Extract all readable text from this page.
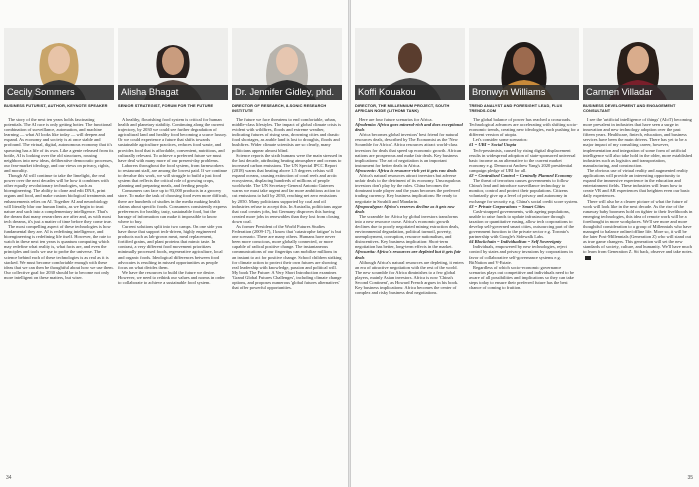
Cecily Sommers
BUSINESS FUTURIST, AUTHOR, KEYNOTE SPEAKER

The story of the next ten years holds fascinating potentials. The AI race is only getting hotter. The functional combination of surveillance, automation, and machine learning — what AI looks like today — will deepen and expand. As economy and society is at once stable and profound. The virtual, digital, autonomous economy that it's spawning has a life of its own. Like a genie released from its bottle, AI is looking over the old structures, rousing neighbors into new ideas, deliberative democratic processes, our fear-market ideology, and our views on privacy, rights, and morality.

Though AI will continue to take the limelight, the real power over the next decades will be how it combines with other equally revolutionary technologies, such as bioengineering. The ability to clone and edit DNA, print organs and food, and make custom biological treatments and enhancements relies on AI. Together AI and neurobiology will literally blur our human limits, as we begin to trust nature and such into a complementary intelligence. That's the dream that many researchers are after and, as with most tech dreams, it's just a matter of time before they come true.

The most compelling aspect of these technologies is how fundamental they are. AI is redefining intelligence, and bioengineering is redefining life itself. However, the rate to watch in these next ten years is quantum computing which may redefine what reality is, what facts are, and even the principles and tools we use to probe the universe. The science behind each of these technologies is as real as it is stacked. We must become comfortable enough with these ideas that we can then be thoughtful about how we use them. Our collective goal for 2030 should be to become not only more intelligent on these matters, but wiser.

Alisha Bhagat
SENIOR STRATEGIST, FORUM FOR THE FUTURE

A healthy, flourishing food system is critical for human health and planetary stability. Continuing along the current trajectory, by 2030 we could see further degradation of agricultural land and healthy food becoming a scarce luxury. Or we could experience a future that shifts towards sustainable agriculture practices, reduces food waste, and provides food that is affordable, convenient, nutritious, and culturally relevant. To achieve a preferred future we must have deal with many more of our present-day problems.

Laborers throughout the food system, from farmworkers to restaurant staff, are among the lowest paid. If we continue to devalue this work, we will struggle to build a just food system that reflects the critical role of growing crops, planning and preparing meals, and feeding people.

Consumers can face up to 93,000 products in a grocery store. To make the task of choosing food even more difficult, there are hundreds of studies in the media making health claims about specific foods. Consumers consistently express preferences for healthy, tasty, sustainable food, but the barrage of information can make it impossible to know where to buy.

Current solutions split into two camps. On one side you have those that support tech-driven, highly engineered products such as lab-grown meat, meal replacement, fortified grains, and plant proteins that mimic taste. In contrast, a very different food movement prioritizes minimally processed foods, regenerative agriculture, local and organic foods. Ideological differences between food advocates is resulting in missed opportunities as people focus on what divides them.

We have the resources to build the future we desire. However, we need to rethink our values and norms in order to collaborate to achieve a sustainable food system.

Dr. Jennifer Gidley, phd.
DIRECTOR OF RESEARCH, 8-SONIC RESEARCH INSTITUTE

The future we face threatens to end comfortable, urban, middle-class lifestyles. The impact of global climate crisis is evident with wildfires, floods and extreme weather, indicating futures of rising seas, drowning cities and drastic food shortages, as arable land is lost to droughts, floods and bushfires. Wider climate scientists are so clearly, many politicians appear almost blind.

Science reports the sixth humans were the main stressed in the last decade, attributing heating atmosphere and oceans to increased carbon emissions. The UN Special IPCC Report (2018) warns that heating above 1.5 degrees celsius will expand oceans, causing extinction of coral reefs and arctic ecosystems, displacing hundreds of millions of people worldwide. The UN Secretary-General Antonio Guterres warns we must take urgent and far more ambitious action to cut emissions to half by 2030, reaching net zero emissions by 2050. Many politicians supported by coal and oil industries refuse to accept this. In Australia, politicians argue that coal creates jobs, but Germany disproves this having created more jobs in renewables than they lost from closing down coal.

As former President of the World Futures Studies Federation (2009-17), I know that 'catastrophe fatigue' is but one scenario. There are many others. Humans have never been more conscious, more globally connected, or more capable of radical positive change. The instantaneous communications of our fingertips can mobilize millions in an instant to act for positive change. School children striking for climate action to protect their own futures are showing real leadership with knowledge, passion and political will. My book The Future: A Very Short Introduction examines 'Grand Global Futures Challenges', including climate change options, and proposes numerous 'global futures alternatives' that offer powerful opportunities.

34
Koffi Kouakou
DIRECTOR, THE MILLENNIUM PROJECT, SOUTH AFRICAN NODE (LITHOMI TANK)

Here are four future scenarios for Africa.

Afrodemia: Africa goes mineral-rich and does exceptional deals

Africa becomes global investors' best friend for natural resources deals, described by The Economist as the 'New Scramble for Africa'. Africa resources attract world-class investors for deals that speed up economic growth. African nations are prosperous and make fair deals. Key business implications: The art of negotiation is an important instrument for better deals in Africa.

Afroscenic: Africa is resource-rich yet it gets raw deals

Africa's natural resources attract investors but adverse unfair deals to the detriment of its economy. Unscrupulous investors don't play by the rules. China becomes the dominant trade player and the yuan becomes the preferred trading currency. Key business implications: Be ready to negotiate in Swahili and Mandarin.

Afropocalypse: Africa's reserves decline as it gets raw deals

The scramble for Africa by global investors transforms into a new resource curse. Africa's economic growth declines due to poorly negotiated mining extraction deals, environmental degradation, political turmoil, poverty, unemployment, corruption, resource nationalism, and disincentives. Key business implication: Short-term negotiation has better, long-term effects in the market.

Afrosurtia: Africa's resources are depleted but it gets fair deals

Although Africa's natural resources are depleting, it enters an era of attractive negotiation with the rest of the world. The new scramble for Africa diminishes to a few global players, mainly Asian investors. Africa is now 'China's Second Continent', as Howard French argues in his book. Key business implications: Africa becomes the center of complex and risky business deal negotiations.

Bronwyn Williams
TREND ANALYST AND FORESIGHT LEAD, FLUX TRENDS.COM

The global balance of power has reached a crossroads. Technological advances are accelerating with shifting socio-economic trends, creating new ideologies, each pushing for a different version of utopia.

Let's consider some scenarios:

#1 = UBI = Social Utopia

Tech-pessimists, caused by rising digital displacement results in widespread adoption of state-sponsored universal basic income as an alternative to the current market economy e.g. Democrat Andrew Yang's 2020 presidential campaign pledge of UBI for all.

#2 = Centralised Control = Centrally Planned Economy

The threat of terrorism causes governments to follow China's lead and introduce surveillance technology to monitor, control and protect their populations. Citizens voluntarily give up a level of privacy and autonomy in exchange for security e.g. China's social credit score system.

#3 = Private Corporations = Smart Cities

Cash-strapped governments, with ageing populations, unable to raise funds to update infrastructure through taxation or quantitative easing, allow tech corporations to develop self-governed smart cities, outsourcing part of the government function to the private sector e.g. Toronto's partnership with Google's Sidewalk Labs.

#4 Blockchain = Individualism = Self Sovereignty

Individuals, empowered by new technologies, reject control by states and privacy invasions by corporations in favor of collaborative self-governance systems e.g. BitNation and V-Estate.

Regardless of which socio-economic governance scenarios plays out competitive and individuals need to be aware of all possibilities and implications so they can take steps today to ensure their preferred future has the best chance of coming to fruition.

Carmen Villadar
BUSINESS DEVELOPMENT AND ENGAGEMENT CONSULTANT

I see the 'artificial intelligence of things' (AIoT) becoming more prevalent in industries that have seen a surge in innovation and new technology adoption over the past fifteen years. Healthcare, fintech, education, and business services have been the main drivers. There has yet to be a major impact of my consulting career, however, implementation and integration of some form of artificial intelligence will also take hold in the older, more established industries such as logistics and transportation, manufacturing, and construction.

The obvious use of virtual reality and augmented reality applications will provide an interesting opportunity to expand the immersive experience in the education and entertainment fields. These industries will learn how to create VR and AR experiences that heighten even our basic daily experiences.

There will also be a clearer picture of what the future of work will look like in the next decade. As the rise of the runaway baby boomers hold on tighter to their livelihoods in emerging technologies, this idea of remote work will be a forethought in more workplaces. We'll see more and more thoughtful consideration to a group of Millennials who have managed to balance online/offline life. More so, it will be the later Post-Millennials (Generation Z) who will stand out as true game changers. This generation will set the new standards of society, culture, and humanity. We'll have much to learn from Generation Z. Sit back, observe and take notes.

35
